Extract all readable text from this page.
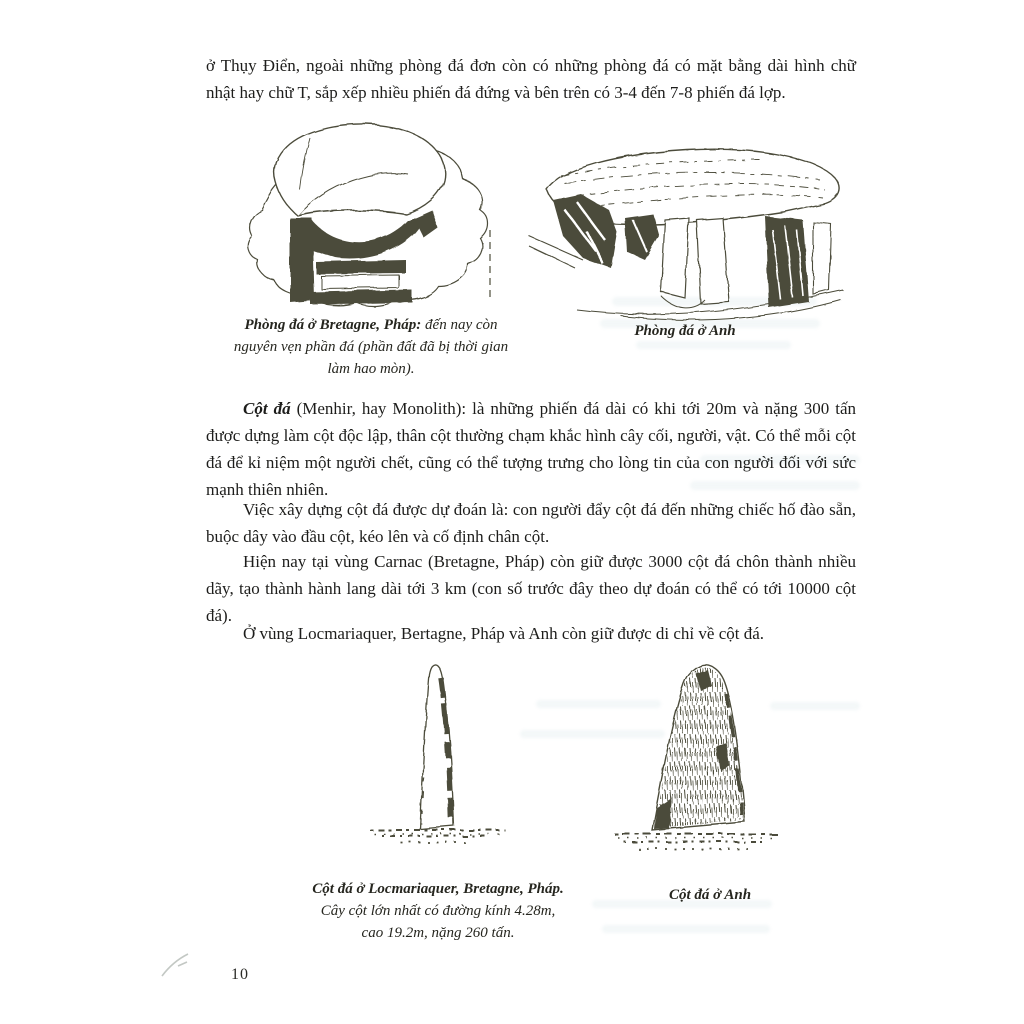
ở Thụy Điển, ngoài những phòng đá đơn còn có những phòng đá có mặt bằng dài hình chữ nhật hay chữ T, sắp xếp nhiều phiến đá đứng và bên trên có 3-4 đến 7-8 phiến đá lợp.

Cột đá (Menhir, hay Monolith): là những phiến đá dài có khi tới 20m và nặng 300 tấn được dựng làm cột độc lập, thân cột thường chạm khắc hình cây cối, người, vật. Có thể mỗi cột đá để kỉ niệm một người chết, cũng có thể tượng trưng cho lòng tin của con người đối với sức mạnh thiên nhiên.

Việc xây dựng cột đá được dự đoán là: con người đẩy cột đá đến những chiếc hố đào sẵn, buộc dây vào đầu cột, kéo lên và cố định chân cột.

Hiện nay tại vùng Carnac (Bretagne, Pháp) còn giữ được 3000 cột đá chôn thành nhiều dãy, tạo thành hành lang dài tới 3 km (con số trước đây theo dự đoán có thể có tới 10000 cột đá).

Ở vùng Locmariaquer, Bertagne, Pháp và Anh còn giữ được di chỉ về cột đá.

Phòng đá ở Bretagne, Pháp: đến nay còn nguyên vẹn phần đá (phần đất đã bị thời gian làm hao mòn).
Phòng đá ở Anh
Cột đá ở Locmariaquer, Bretagne, Pháp.
Cây cột lớn nhất có đường kính 4.28m,
cao 19.2m, nặng 260 tấn.
Cột đá ở Anh
10
